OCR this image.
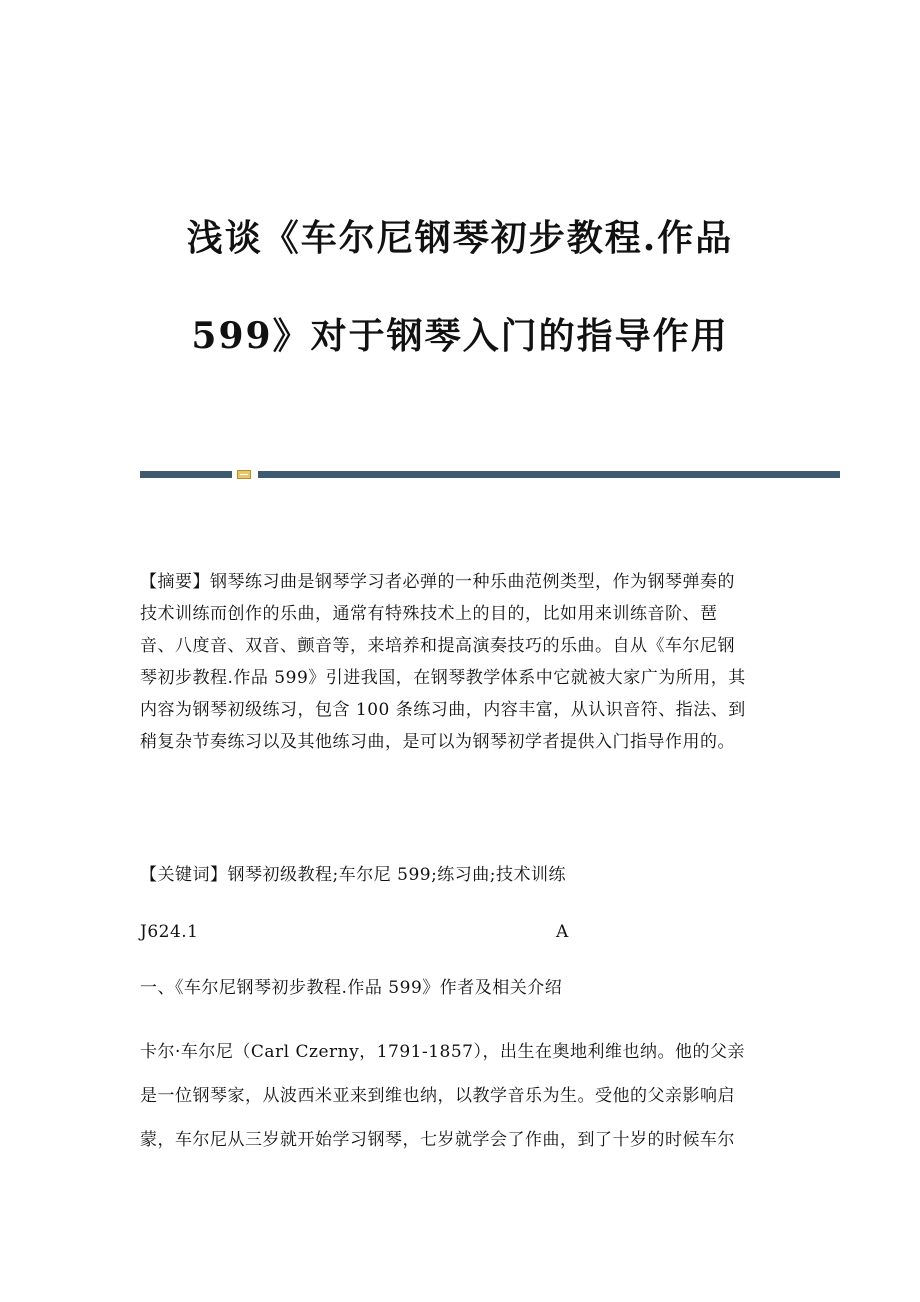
浅谈《车尔尼钢琴初步教程.作品
599》对于钢琴入门的指导作用
【摘要】钢琴练习曲是钢琴学习者必弹的一种乐曲范例类型，作为钢琴弹奏的
技术训练而创作的乐曲，通常有特殊技术上的目的，比如用来训练音阶、琶
音、八度音、双音、颤音等，来培养和提高演奏技巧的乐曲。自从《车尔尼钢
琴初步教程.作品 599》引进我国，在钢琴教学体系中它就被大家广为所用，其
内容为钢琴初级练习，包含 100 条练习曲，内容丰富，从认识音符、指法、到
稍复杂节奏练习以及其他练习曲，是可以为钢琴初学者提供入门指导作用的。
【关键词】钢琴初级教程;车尔尼 599;练习曲;技术训练
J624.1	A
一、《车尔尼钢琴初步教程.作品 599》作者及相关介绍
卡尔·车尔尼（Carl Czerny，1791-1857），出生在奥地利维也纳。他的父亲
是一位钢琴家，从波西米亚来到维也纳，以教学音乐为生。受他的父亲影响启
蒙，车尔尼从三岁就开始学习钢琴，七岁就学会了作曲，到了十岁的时候车尔
